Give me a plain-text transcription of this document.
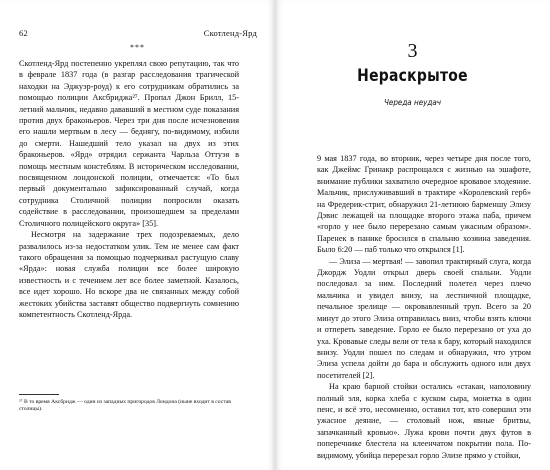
62	Скотленд-Ярд
***

Скотленд-Ярд постепенно укреплял свою репутацию, так что в феврале 1837 года (в разгар расследования трагической находки на Эджуэр-роуд) к его сотрудникам обратились за помощью полиции Аксбриджа²⁷. Пропал Джон Брилл, 15-летний мальчик, недавно дававший в местном суде показания против двух браконьеров. Через три дня после исчезновения его нашли мертвым в лесу — беднягу, по-видимому, избили до смерти. Нашедший тело указал на двух из этих браконьеров. «Ярд» отрядил сержанта Чарльза Оттуэя в помощь местным констеблям. В историческом исследовании, посвященном лондонской полиции, отмечается: «То был первый документально зафиксированный случай, когда сотрудника Столичной полиции попросили оказать содействие в расследовании, произошедшем за пределами Столичного полицейского округа» [35].

Несмотря на задержание трех подозреваемых, дело развалилось из-за недостатком улик. Тем не менее сам факт такого обращения за помощью подчеркивал растущую славу «Ярда»: новая служба полиции все более широкую известность и с течением лет все более заметной. Казалось, все идет хорошо. Но вскоре два не связанных между собой жестоких убийства заставят общество подвергнуть сомнению компетентность Скотленд-Ярда.

²⁷ В то время Аксбридж — один из западных пригородов Лондона (ныне входит в состав столицы).
3
Нераскрытое
Череда неудач

9 мая 1837 года, во вторник, через четыре дня после того, как Джеймс Гринакр распрощался с жизнью на эшафоте, внимание публики захватило очередное кровавое злодеяние. Мальчик, прислуживавший в трактире «Королевский герб» на Фредерик-стрит, обнаружил 21-летнюю барменшу Элизу Дэвис лежащей на площадке второго этажа паба, причем «горло у нее было перерезано самым ужасным образом». Паренек в панике бросился в спальню хозяина заведения. Было 6:20 — паб только что открылся [1].

— Элиза — мертвая! — завопил трактирный слуга, когда Джордж Уодли открыл дверь своей спальни. Уодли последовал за ним. Последний полетел через плечо мальчика и увидел внизу, на лестничной площадке, печальное зрелище — окровавленный труп. Всего за 20 минут до этого Элиза отправилась вниз, чтобы взять ключи и отпереть заведение. Горло ее было перерезано от уха до уха. Кровавые следы вели от тела к бару, который находился внизу. Уодли пошел по следам и обнаружил, что утром Элиза успела дойти до бара и обслужить одного или двух посетителей [2].

На краю барной стойки остались «стакан, наполовину полный эля, корка хлеба с куском сыра, монетка в один пенс, и всё это, несомненно, оставил тот, кто совершил эти ужасное деяние, — столовый нож, явные бритвы, запачканный кровью». Лужа крови почти двух футов в поперечнике блестела на клеенчатом покрытии пола. По-видимому, убийца перерезал горло Элизе прямо у стойки,
